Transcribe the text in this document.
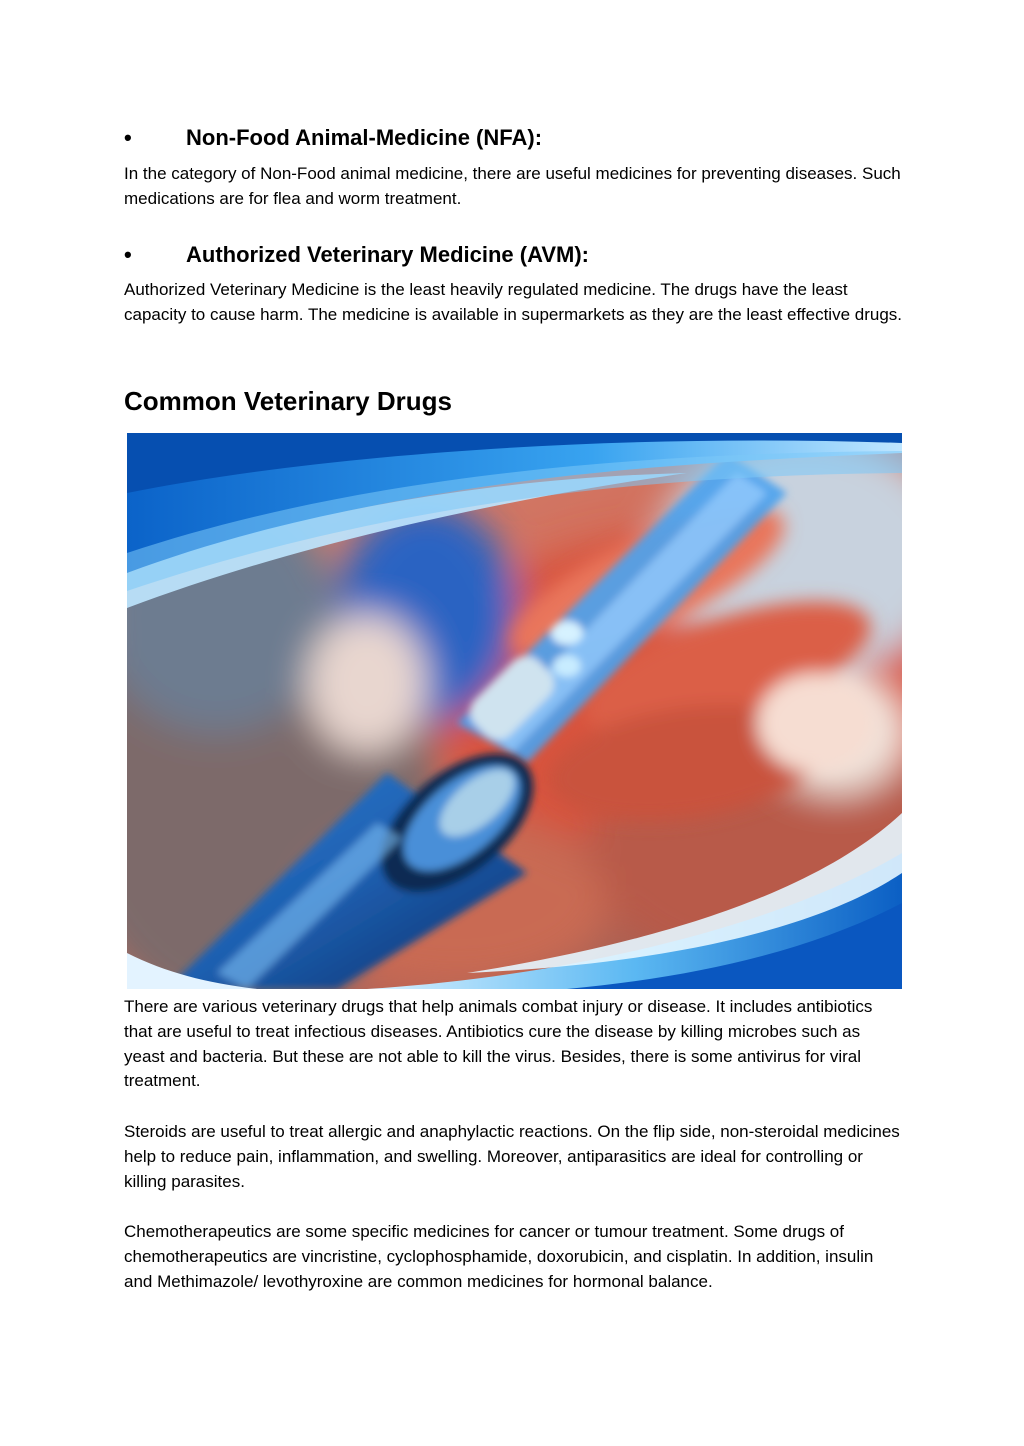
• Non-Food Animal-Medicine (NFA):

In the category of Non-Food animal medicine, there are useful medicines for preventing diseases. Such medications are for flea and worm treatment.

• Authorized Veterinary Medicine (AVM):

Authorized Veterinary Medicine is the least heavily regulated medicine. The drugs have the least capacity to cause harm. The medicine is available in supermarkets as they are the least effective drugs.

Common Veterinary Drugs

There are various veterinary drugs that help animals combat injury or disease. It includes antibiotics that are useful to treat infectious diseases. Antibiotics cure the disease by killing microbes such as yeast and bacteria. But these are not able to kill the virus. Besides, there is some antivirus for viral treatment.

Steroids are useful to treat allergic and anaphylactic reactions. On the flip side, non-steroidal medicines help to reduce pain, inflammation, and swelling. Moreover, antiparasitics are ideal for controlling or killing parasites.

Chemotherapeutics are some specific medicines for cancer or tumour treatment. Some drugs of chemotherapeutics are vincristine, cyclophosphamide, doxorubicin, and cisplatin. In addition, insulin and Methimazole/ levothyroxine are common medicines for hormonal balance.
